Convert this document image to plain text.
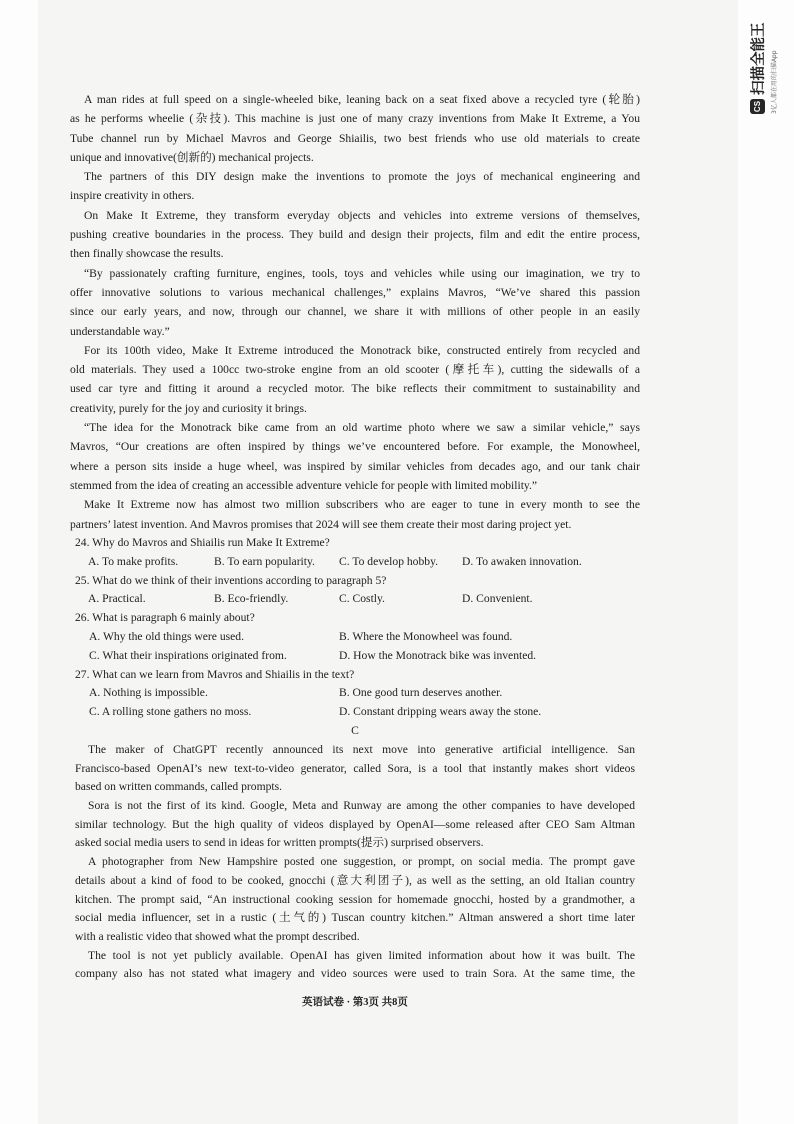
CS
扫描全能王 3亿人都在用的扫描App
A man rides at full speed on a single-wheeled bike, leaning back on a seat fixed above a recycled tyre (轮胎)
as he performs wheelie (杂技). This machine is just one of many crazy inventions from Make It Extreme, a You
Tube channel run by Michael Mavros and George Shiailis, two best friends who use old materials to create
unique and innovative(创新的) mechanical projects.
The partners of this DIY design make the inventions to promote the joys of mechanical engineering and
inspire creativity in others.
On Make It Extreme, they transform everyday objects and vehicles into extreme versions of themselves,
pushing creative boundaries in the process. They build and design their projects, film and edit the entire process,
then finally showcase the results.
“By passionately crafting furniture, engines, tools, toys and vehicles while using our imagination, we try to
offer innovative solutions to various mechanical challenges,” explains Mavros, “We’ve shared this passion
since our early years, and now, through our channel, we share it with millions of other people in an easily
understandable way.”
For its 100th video, Make It Extreme introduced the Monotrack bike, constructed entirely from recycled and
old materials. They used a 100cc two-stroke engine from an old scooter (摩托车), cutting the sidewalls of a
used car tyre and fitting it around a recycled motor. The bike reflects their commitment to sustainability and
creativity, purely for the joy and curiosity it brings.
“The idea for the Monotrack bike came from an old wartime photo where we saw a similar vehicle,” says
Mavros, “Our creations are often inspired by things we’ve encountered before. For example, the Monowheel,
where a person sits inside a huge wheel, was inspired by similar vehicles from decades ago, and our tank chair
stemmed from the idea of creating an accessible adventure vehicle for people with limited mobility.”
Make It Extreme now has almost two million subscribers who are eager to tune in every month to see the
partners’ latest invention. And Mavros promises that 2024 will see them create their most daring project yet.
24. Why do Mavros and Shiailis run Make It Extreme?
A. To make profits.	B. To earn popularity. C. To develop hobby. D. To awaken innovation.
25. What do we think of their inventions according to paragraph 5?
A. Practical.	B. Eco-friendly.	C. Costly.	D. Convenient.
26. What is paragraph 6 mainly about?
A. Why the old things were used.	B. Where the Monowheel was found.
C. What their inspirations originated from.	D. How the Monotrack bike was invented.
27. What can we learn from Mavros and Shiailis in the text?
A. Nothing is impossible.	B. One good turn deserves another.
C. A rolling stone gathers no moss.	D. Constant dripping wears away the stone.
C
The maker of ChatGPT recently announced its next move into generative artificial intelligence. San
Francisco-based OpenAI’s new text-to-video generator, called Sora, is a tool that instantly makes short videos
based on written commands, called prompts.
Sora is not the first of its kind. Google, Meta and Runway are among the other companies to have developed
similar technology. But the high quality of videos displayed by OpenAI—some released after CEO Sam Altman
asked social media users to send in ideas for written prompts(提示) surprised observers.
A photographer from New Hampshire posted one suggestion, or prompt, on social media. The prompt gave
details about a kind of food to be cooked, gnocchi (意大利团子), as well as the setting, an old Italian country
kitchen. The prompt said, “An instructional cooking session for homemade gnocchi, hosted by a grandmother, a
social media influencer, set in a rustic (土气的) Tuscan country kitchen.” Altman answered a short time later
with a realistic video that showed what the prompt described.
The tool is not yet publicly available. OpenAI has given limited information about how it was built. The
company also has not stated what imagery and video sources were used to train Sora. At the same time, the
英语试卷 · 第3页 共8页
